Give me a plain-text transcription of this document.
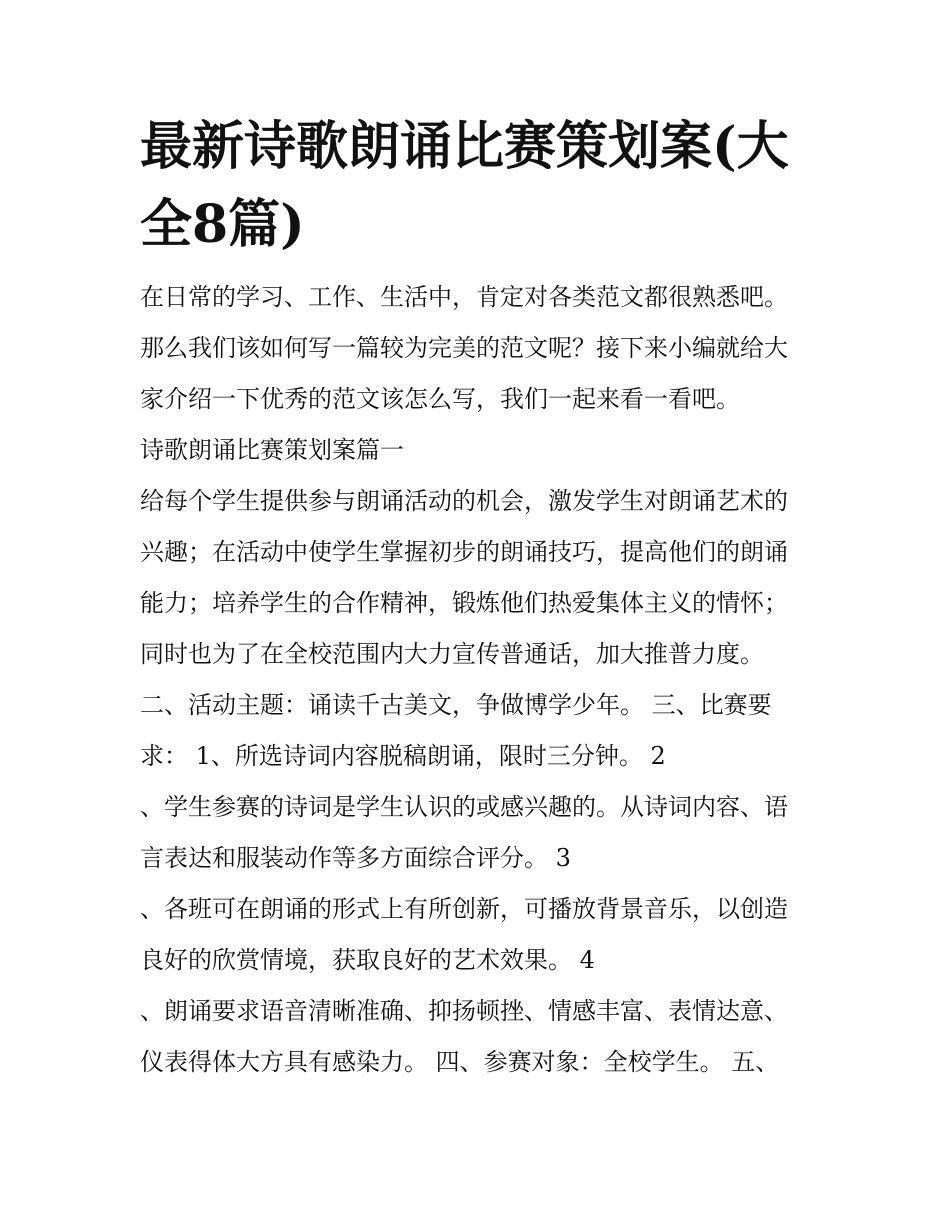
最新诗歌朗诵比赛策划案(大全8篇)
在日常的学习、工作、生活中，肯定对各类范文都很熟悉吧。
那么我们该如何写一篇较为完美的范文呢？接下来小编就给大
家介绍一下优秀的范文该怎么写，我们一起来看一看吧。
诗歌朗诵比赛策划案篇一
给每个学生提供参与朗诵活动的机会，激发学生对朗诵艺术的
兴趣；在活动中使学生掌握初步的朗诵技巧，提高他们的朗诵
能力；培养学生的合作精神，锻炼他们热爱集体主义的情怀；
同时也为了在全校范围内大力宣传普通话，加大推普力度。
二、活动主题：诵读千古美文，争做博学少年。 三、比赛要
求： 1、所选诗词内容脱稿朗诵，限时三分钟。 2
、学生参赛的诗词是学生认识的或感兴趣的。从诗词内容、语
言表达和服装动作等多方面综合评分。 3
、各班可在朗诵的形式上有所创新，可播放背景音乐，以创造
良好的欣赏情境，获取良好的艺术效果。 4
、朗诵要求语音清晰准确、抑扬顿挫、情感丰富、表情达意、
仪表得体大方具有感染力。 四、参赛对象：全校学生。 五、
